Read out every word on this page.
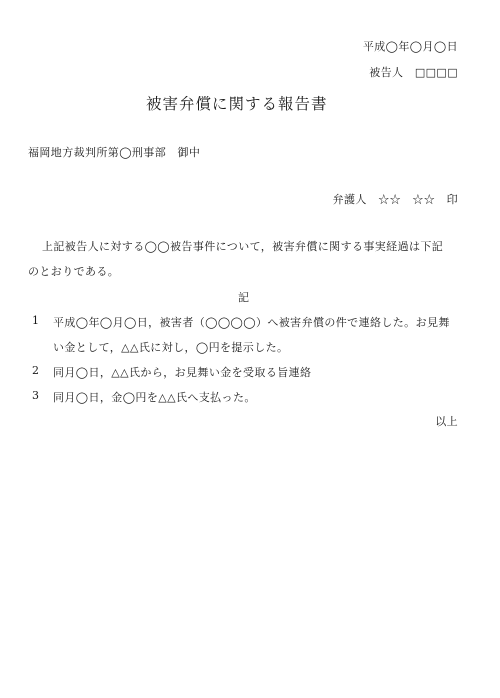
平成◯年◯月◯日
被告人　□□□□
被害弁償に関する報告書
福岡地方裁判所第◯刑事部　御中
弁護人　☆☆　☆☆　印
上記被告人に対する◯◯被告事件について，被害弁償に関する事実経過は下記
のとおりである。
記
1 平成◯年◯月◯日，被害者（◯◯◯◯）へ被害弁償の件で連絡した。お見舞
い金として，△△氏に対し，◯円を提示した。
2 同月◯日，△△氏から，お見舞い金を受取る旨連絡
3 同月◯日，金◯円を△△氏へ支払った。
以上
